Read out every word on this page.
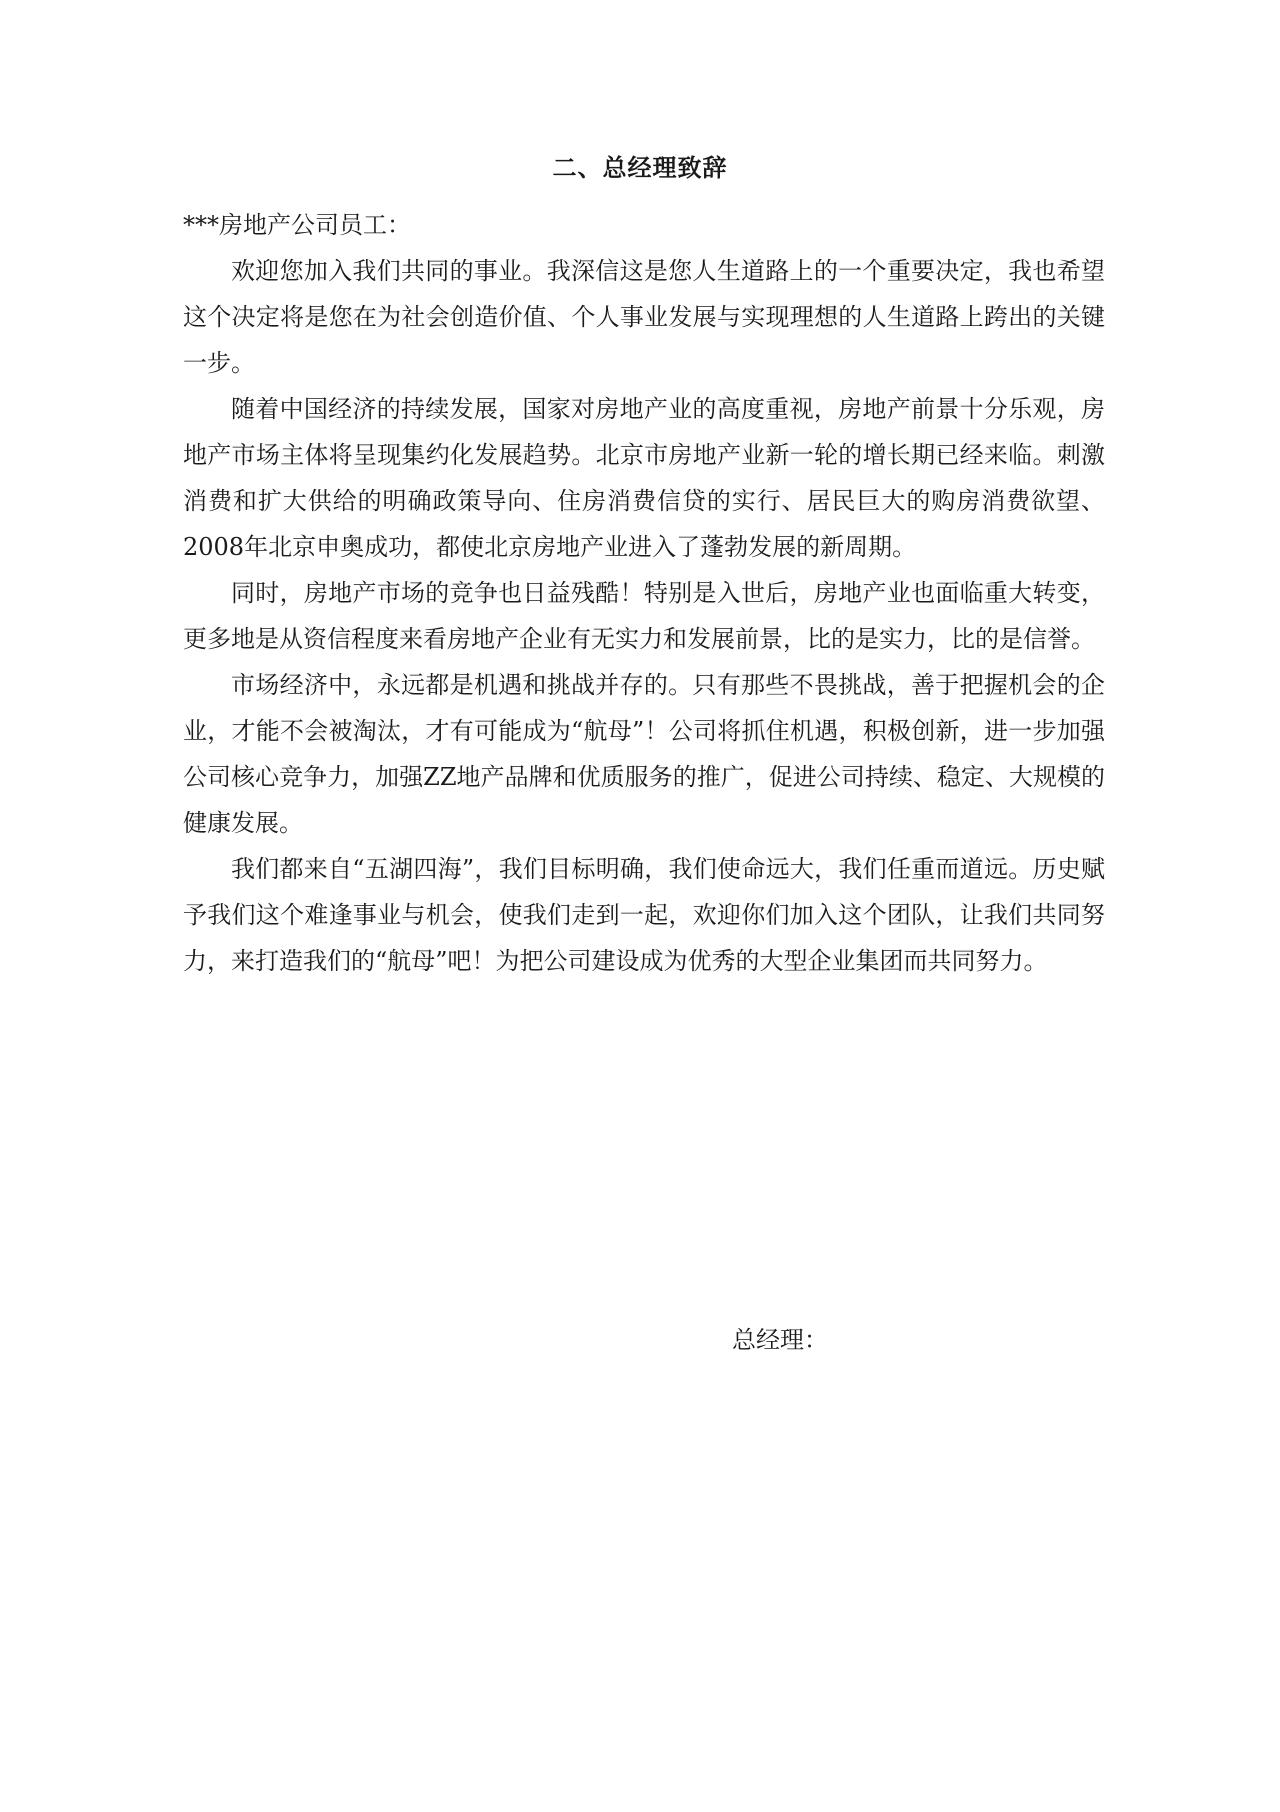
二、总经理致辞

***房地产公司员工：

欢迎您加入我们共同的事业。我深信这是您人生道路上的一个重要决定，我也希望这个决定将是您在为社会创造价值、个人事业发展与实现理想的人生道路上跨出的关键一步。

随着中国经济的持续发展，国家对房地产业的高度重视，房地产前景十分乐观，房地产市场主体将呈现集约化发展趋势。北京市房地产业新一轮的增长期已经来临。刺激消费和扩大供给的明确政策导向、住房消费信贷的实行、居民巨大的购房消费欲望、2008年北京申奥成功，都使北京房地产业进入了蓬勃发展的新周期。

同时，房地产市场的竞争也日益残酷！特别是入世后，房地产业也面临重大转变，更多地是从资信程度来看房地产企业有无实力和发展前景，比的是实力，比的是信誉。

市场经济中，永远都是机遇和挑战并存的。只有那些不畏挑战，善于把握机会的企业，才能不会被淘汰，才有可能成为“航母”！公司将抓住机遇，积极创新，进一步加强公司核心竞争力，加强ZZ地产品牌和优质服务的推广，促进公司持续、稳定、大规模的健康发展。

我们都来自“五湖四海”，我们目标明确，我们使命远大，我们任重而道远。历史赋予我们这个难逢事业与机会，使我们走到一起，欢迎你们加入这个团队，让我们共同努力，来打造我们的“航母”吧！为把公司建设成为优秀的大型企业集团而共同努力。

总经理：
